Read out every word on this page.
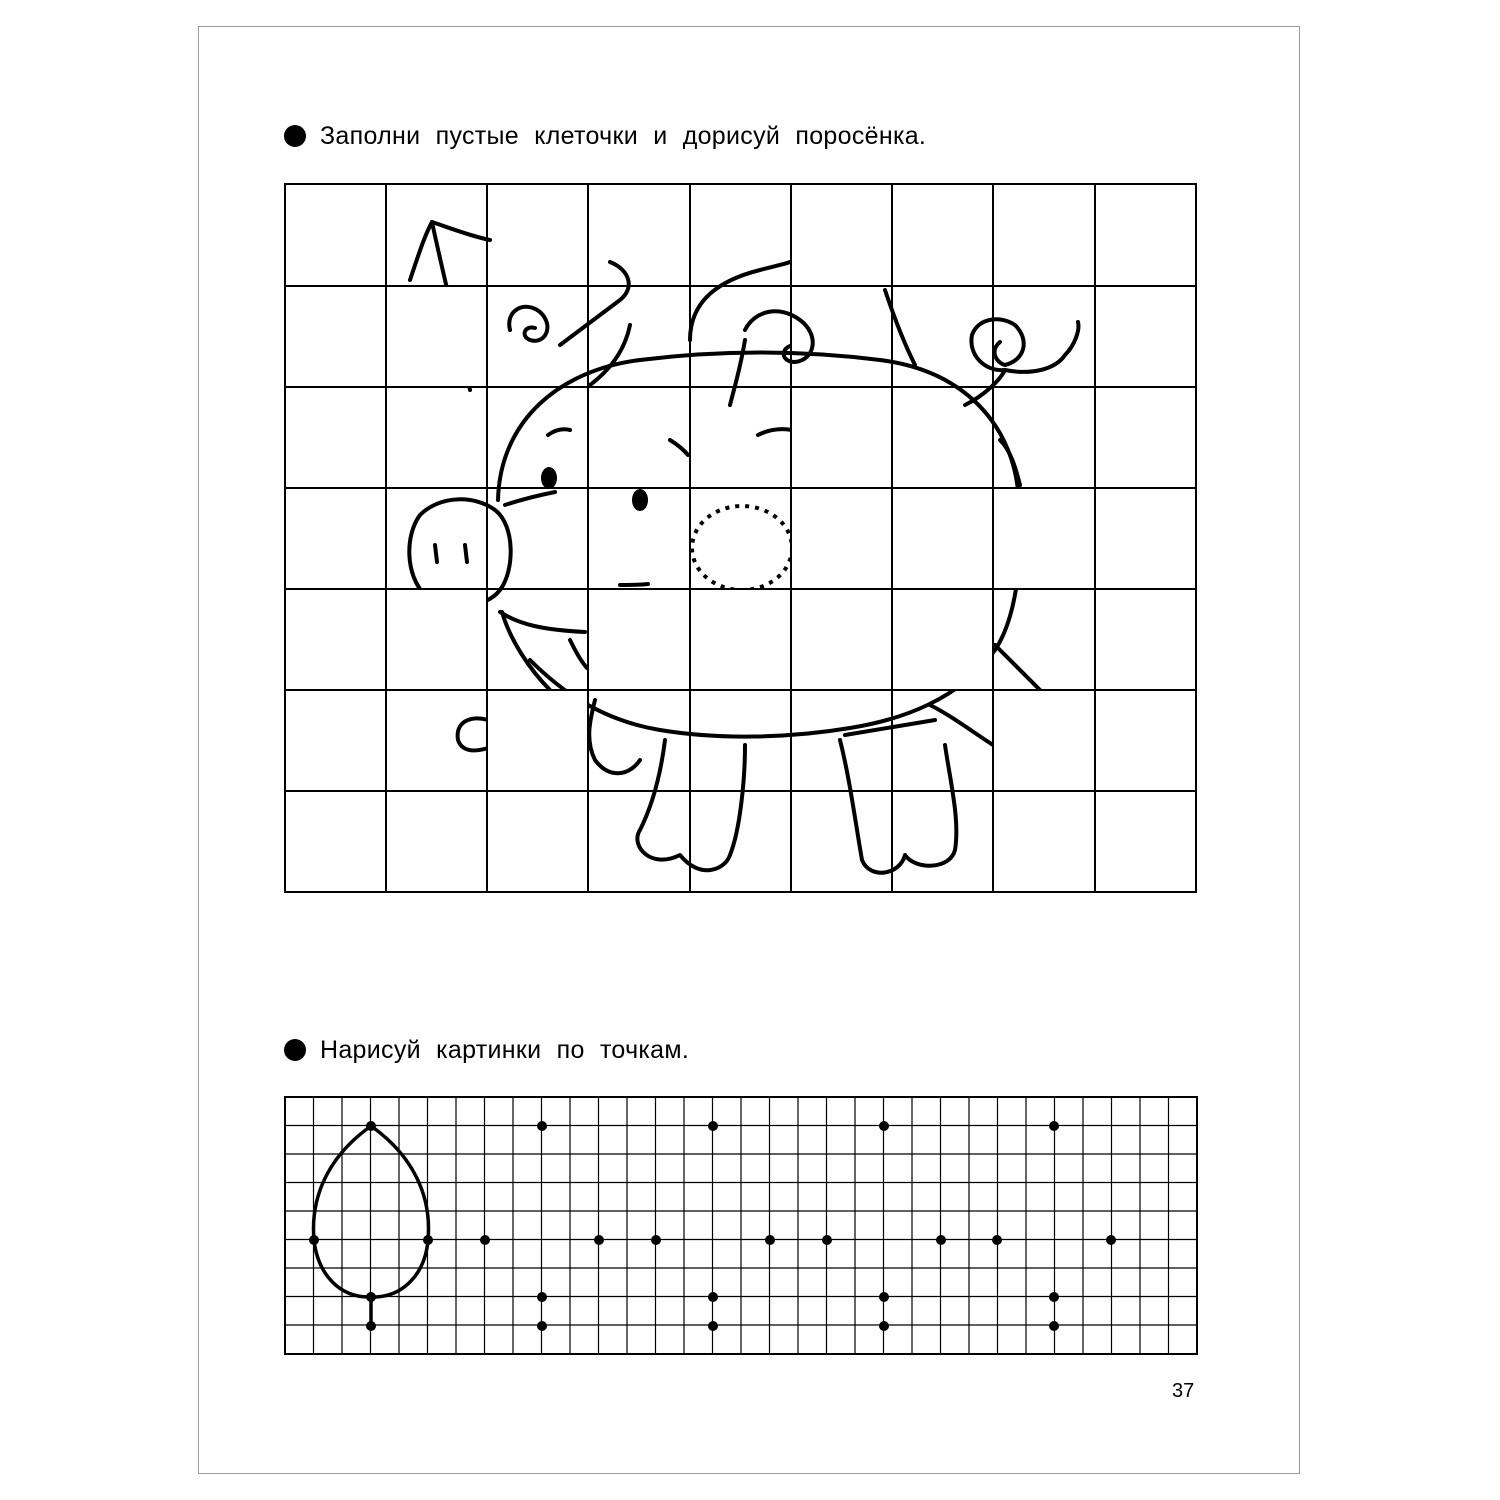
Заполни пустые клеточки и дорисуй поросёнка.
Нарисуй картинки по точкам.
37
